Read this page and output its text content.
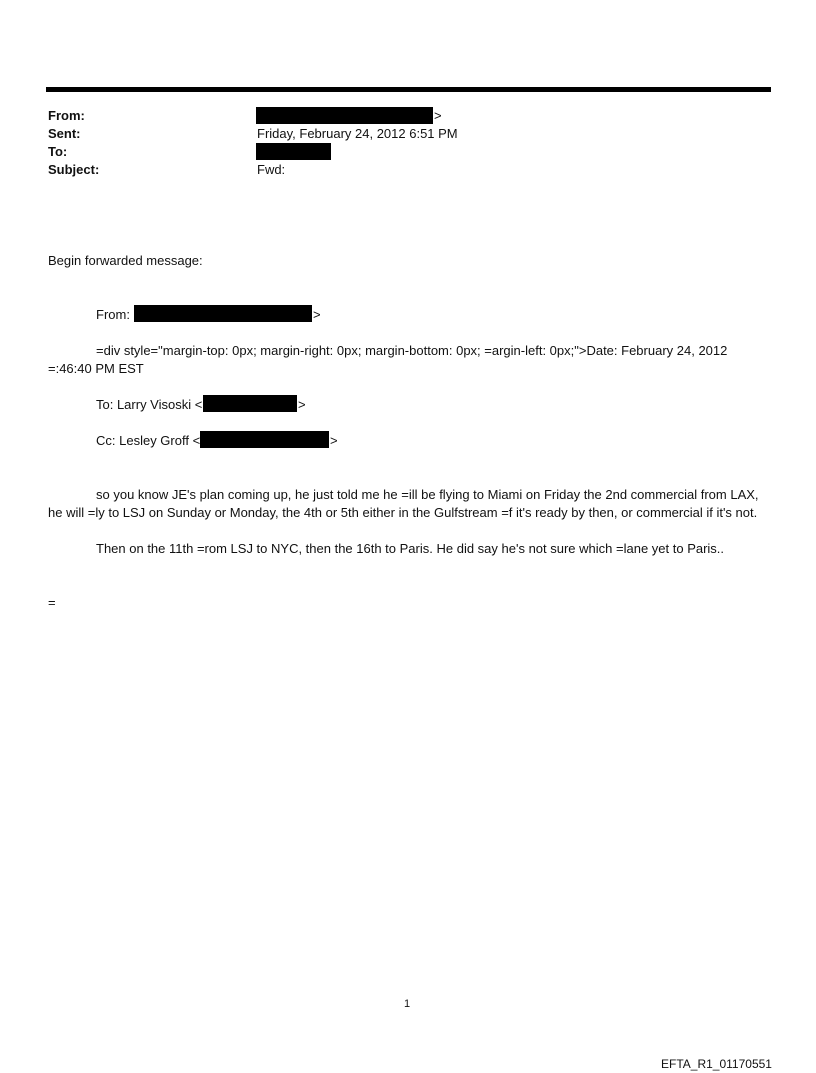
From:	>
Sent:	Friday, February 24, 2012 6:51 PM
To:
Subject:	Fwd:
Begin forwarded message:
From:	>
=div style="margin-top: 0px; margin-right: 0px; margin-bottom: 0px; =argin-left: 0px;">Date: February 24, 2012
=:46:40 PM EST
To: Larry Visoski <	>
Cc: Lesley Groff <	>
so you know JE's plan coming up, he just told me he =ill be flying to Miami on Friday the 2nd commercial from LAX, he will =ly to LSJ on Sunday or Monday, the 4th or 5th either in the Gulfstream =f it's ready by then, or commercial if it's not.
Then on the 11th =rom LSJ to NYC, then the 16th to Paris. He did say he's not sure which =lane yet to Paris..
=
1
EFTA_R1_01170551
